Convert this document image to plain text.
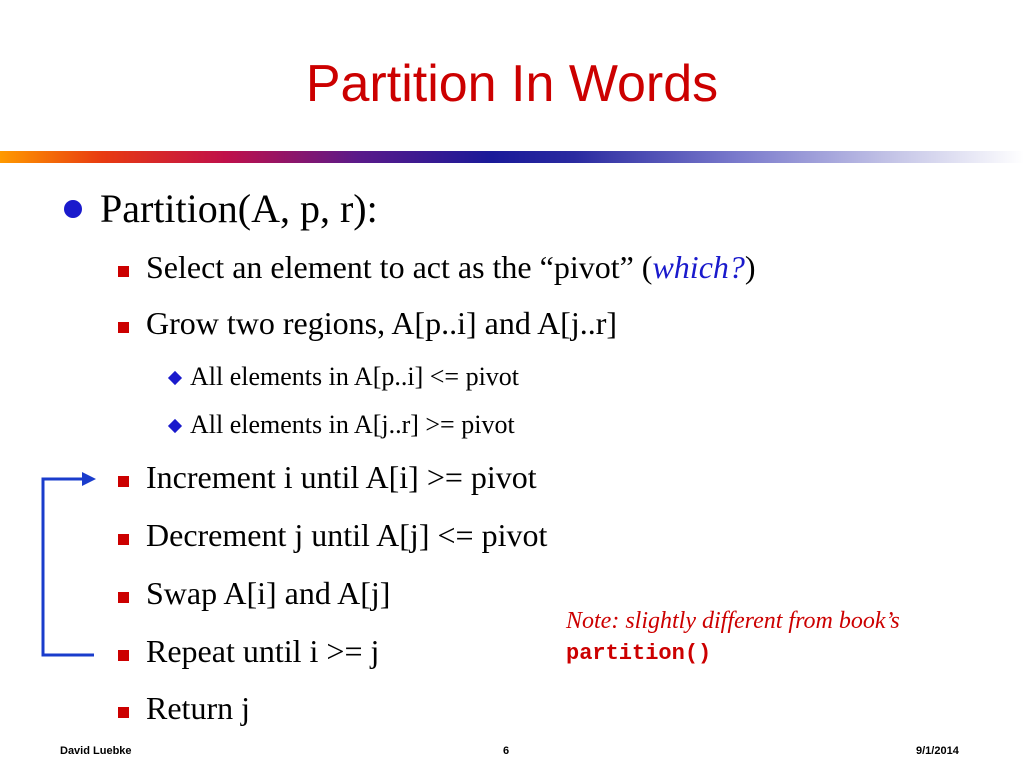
Partition In Words
Partition(A, p, r):
Select an element to act as the “pivot” (which?)
Grow two regions, A[p..i] and A[j..r]
All elements in A[p..i] <= pivot
All elements in A[j..r] >= pivot
Increment i until A[i] >= pivot
Decrement j until A[j] <= pivot
Swap A[i] and A[j]
Repeat until i >= j
Return j
Note: slightly different from book’s partition()
David Luebke	6	9/1/2014
